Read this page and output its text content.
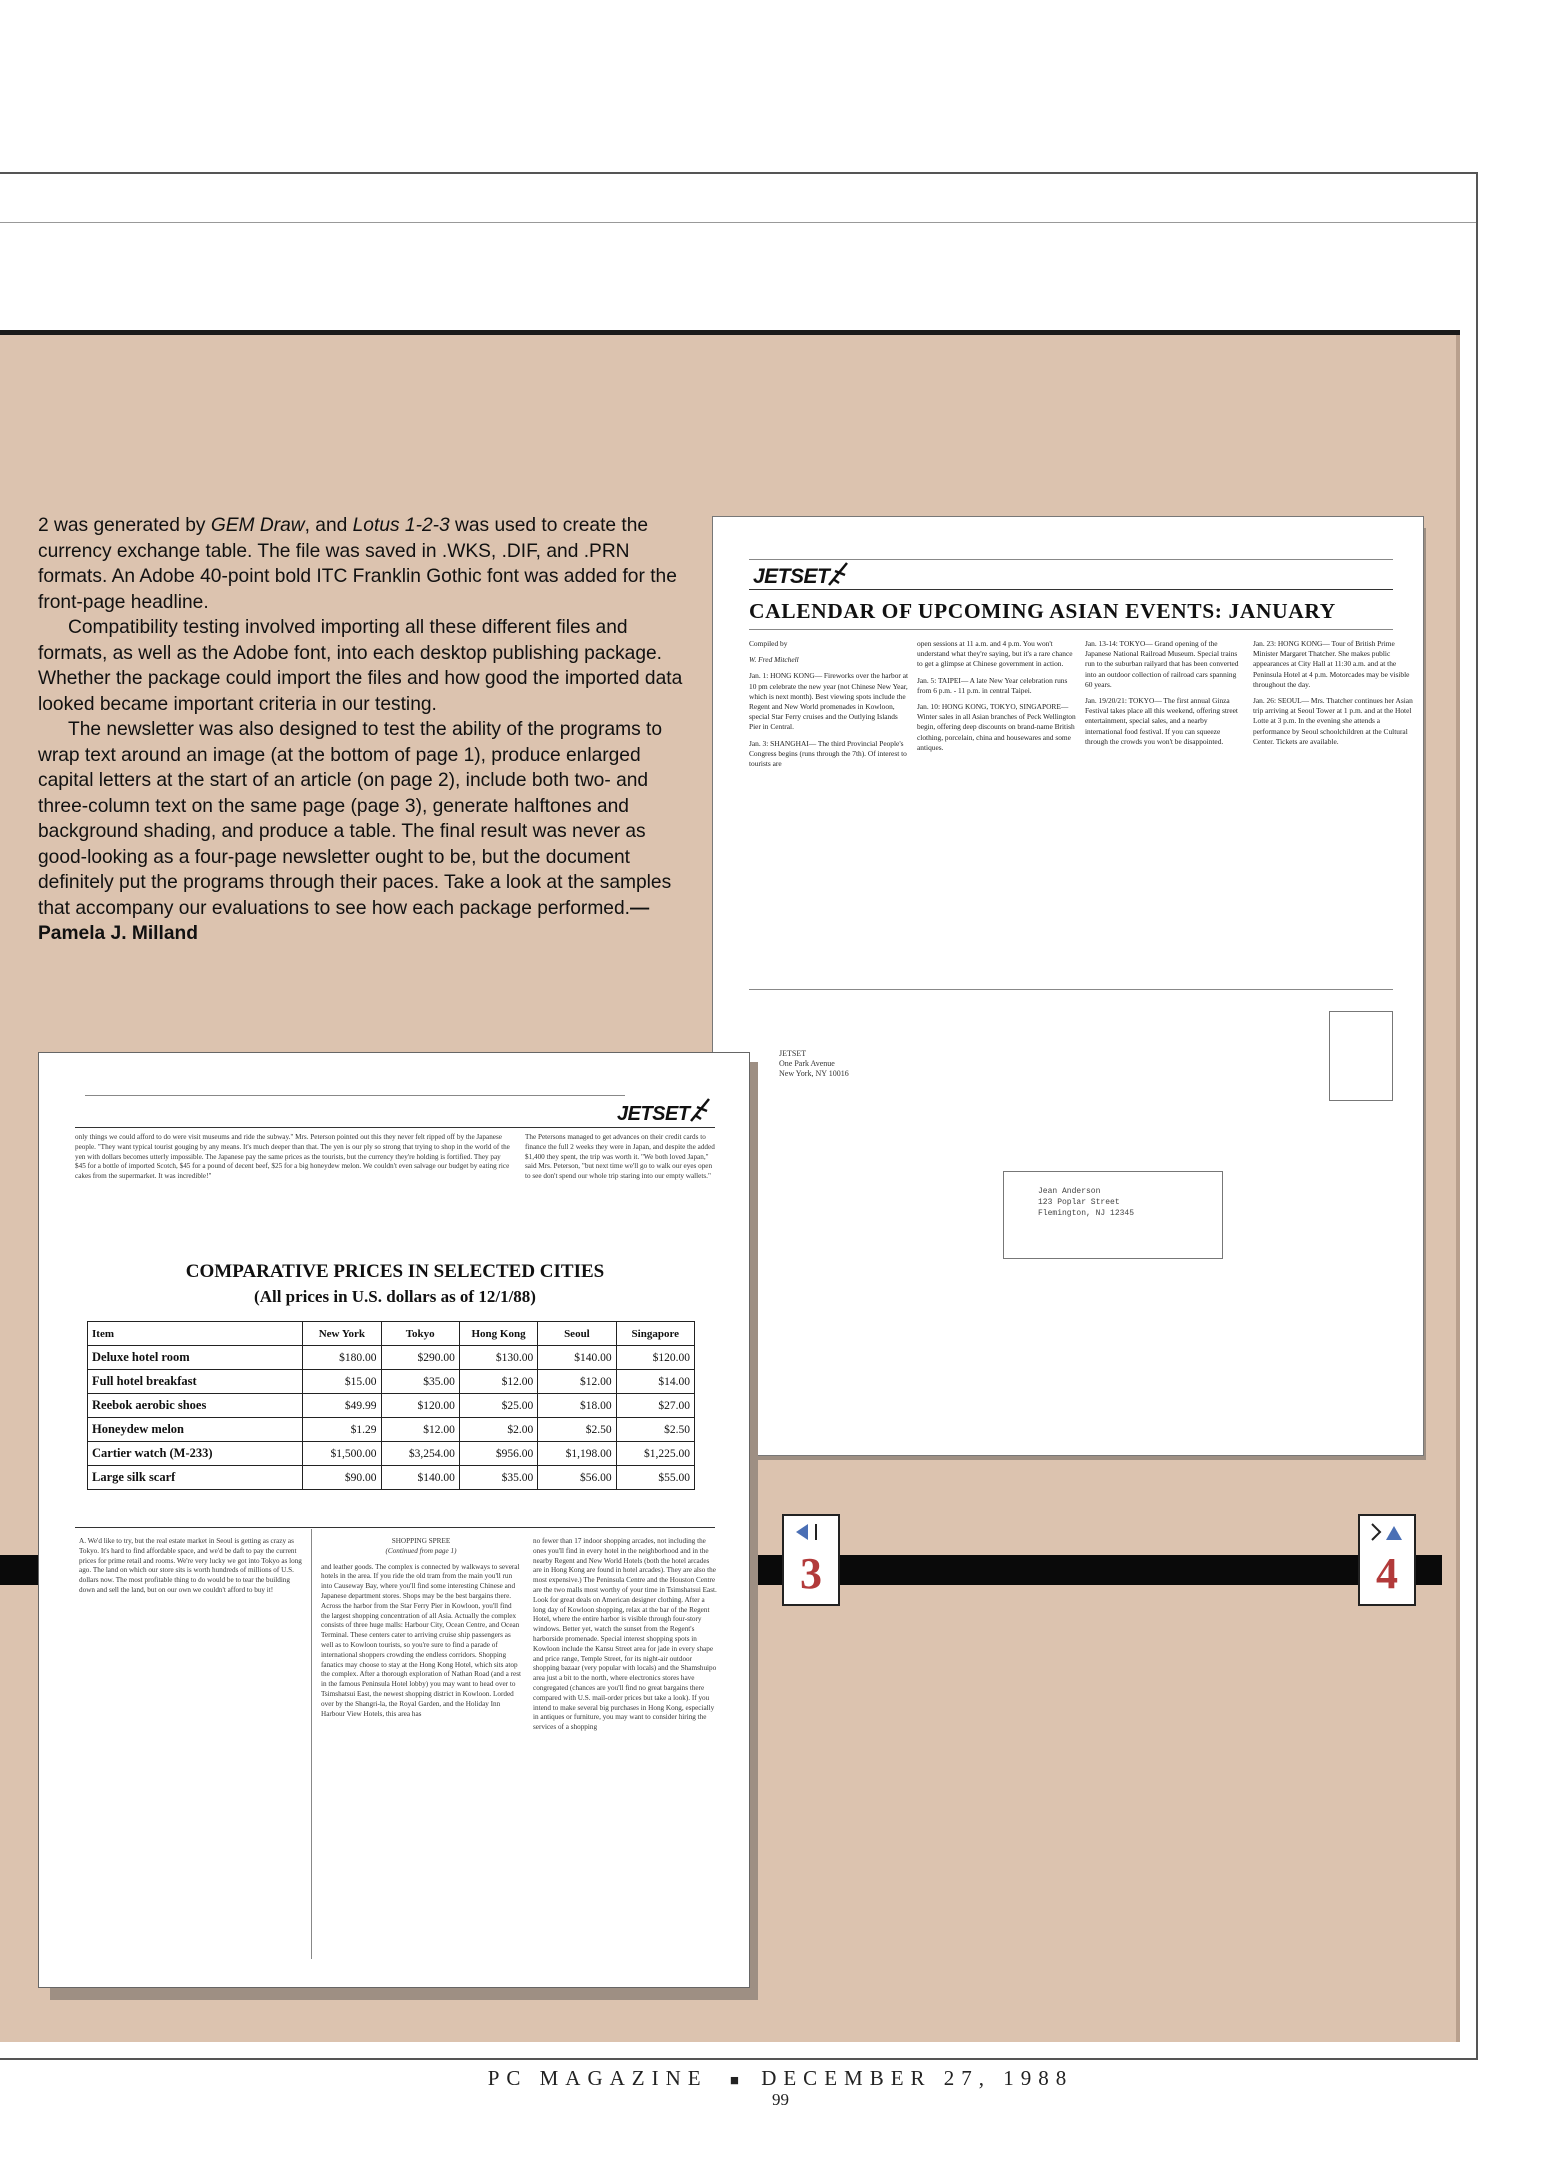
2 was generated by GEM Draw, and Lotus 1-2-3 was used to create the currency exchange table. The file was saved in .WKS, .DIF, and .PRN formats. An Adobe 40-point bold ITC Franklin Gothic font was added for the front-page headline.

Compatibility testing involved importing all these different files and formats, as well as the Adobe font, into each desktop publishing package. Whether the package could import the files and how good the imported data looked became important criteria in our testing.

The newsletter was also designed to test the ability of the programs to wrap text around an image (at the bottom of page 1), produce enlarged capital letters at the start of an article (on page 2), include both two- and three-column text on the same page (page 3), generate halftones and background shading, and produce a table. The final result was never as good-looking as a four-page newsletter ought to be, but the document definitely put the programs through their paces. Take a look at the samples that accompany our evaluations to see how each package performed.—Pamela J. Milland

JETSET
CALENDAR OF UPCOMING ASIAN EVENTS: JANUARY

Compiled by

W. Fred Mitchell

Jan. 1: HONG KONG— Fireworks over the harbor at 10 pm celebrate the new year (not Chinese New Year, which is next month). Best viewing spots include the Regent and New World promenades in Kowloon, special Star Ferry cruises and the Outlying Islands Pier in Central.

Jan. 3: SHANGHAI— The third Provincial People's Congress begins (runs through the 7th). Of interest to tourists are

open sessions at 11 a.m. and 4 p.m. You won't understand what they're saying, but it's a rare chance to get a glimpse at Chinese government in action.

Jan. 5: TAIPEI— A late New Year celebration runs from 6 p.m. - 11 p.m. in central Taipei.

Jan. 10: HONG KONG, TOKYO, SINGAPORE— Winter sales in all Asian branches of Peck Wellington begin, offering deep discounts on brand-name British clothing, porcelain, china and housewares and some antiques.

Jan. 13-14: TOKYO— Grand opening of the Japanese National Railroad Museum. Special trains run to the suburban railyard that has been converted into an outdoor collection of railroad cars spanning 60 years.

Jan. 19/20/21: TOKYO— The first annual Ginza Festival takes place all this weekend, offering street entertainment, special sales, and a nearby international food festival. If you can squeeze through the crowds you won't be disappointed.

Jan. 23: HONG KONG— Tour of British Prime Minister Margaret Thatcher. She makes public appearances at City Hall at 11:30 a.m. and at the Peninsula Hotel at 4 p.m. Motorcades may be visible throughout the day.

Jan. 26: SEOUL— Mrs. Thatcher continues her Asian trip arriving at Seoul Tower at 1 p.m. and at the Hotel Lotte at 3 p.m. In the evening she attends a performance by Seoul schoolchildren at the Cultural Center. Tickets are available.

JETSET
One Park Avenue
New York, NY 10016
Jean Anderson
123 Poplar Street
Flemington, NJ 12345
3	4
JETSET
only things we could afford to do were visit museums and ride the subway." Mrs. Peterson pointed out this they never felt ripped off by the Japanese people. "They want typical tourist gouging by any means. It's much deeper than that. The yen is our ply so strong that trying to shop in the world of the yen with dollars becomes utterly impossible. The Japanese pay the same prices as the tourists, but the currency they're holding is fortified. They pay $45 for a bottle of imported Scotch, $45 for a pound of decent beef, $25 for a big honeydew melon. We couldn't even salvage our budget by eating rice cakes from the supermarket. It was incredible!"
The Petersons managed to get advances on their credit cards to finance the full 2 weeks they were in Japan, and despite the added $1,400 they spent, the trip was worth it. "We both loved Japan," said Mrs. Peterson, "but next time we'll go to walk our eyes open to see don't spend our whole trip staring into our empty wallets."
COMPARATIVE PRICES IN SELECTED CITIES
(All prices in U.S. dollars as of 12/1/88)
Item	New York	Tokyo	Hong Kong	Seoul	Singapore
Deluxe hotel room	$180.00	$290.00	$130.00	$140.00	$120.00
Full hotel breakfast	$15.00	$35.00	$12.00	$12.00	$14.00
Reebok aerobic shoes	$49.99	$120.00	$25.00	$18.00	$27.00
Honeydew melon	$1.29	$12.00	$2.00	$2.50	$2.50
Cartier watch (M-233)	$1,500.00	$3,254.00	$956.00	$1,198.00	$1,225.00
Large silk scarf	$90.00	$140.00	$35.00	$56.00	$55.00
A. We'd like to try, but the real estate market in Seoul is getting as crazy as Tokyo. It's hard to find affordable space, and we'd be daft to pay the current prices for prime retail and rooms. We're very lucky we got into Tokyo as long ago. The land on which our store sits is worth hundreds of millions of U.S. dollars now. The most profitable thing to do would be to tear the building down and sell the land, but on our own we couldn't afford to buy it!
SHOPPING SPREE
(Continued from page 1)
and leather goods. The complex is connected by walkways to several hotels in the area. If you ride the old tram from the main you'll run into Causeway Bay, where you'll find some interesting Chinese and Japanese department stores. Shops may be the best bargains there. Across the harbor from the Star Ferry Pier in Kowloon, you'll find the largest shopping concentration of all Asia. Actually the complex consists of three huge malls: Harbour City, Ocean Centre, and Ocean Terminal. These centers cater to arriving cruise ship passengers as well as to Kowloon tourists, so you're sure to find a parade of international shoppers crowding the endless corridors. Shopping fanatics may choose to stay at the Hong Kong Hotel, which sits atop the complex. After a thorough exploration of Nathan Road (and a rest in the famous Peninsula Hotel lobby) you may want to head over to Tsimshatsui East, the newest shopping district in Kowloon. Lorded over by the Shangri-la, the Royal Garden, and the Holiday Inn Harbour View Hotels, this area has
no fewer than 17 indoor shopping arcades, not including the ones you'll find in every hotel in the neighborhood and in the nearby Regent and New World Hotels (both the hotel arcades are in Hong Kong are found in hotel arcades). They are also the most expensive.) The Peninsula Centre and the Houston Centre are the two malls most worthy of your time in Tsimshatsui East. Look for great deals on American designer clothing. After a long day of Kowloon shopping, relax at the bar of the Regent Hotel, where the entire harbor is visible through four-story windows. Better yet, watch the sunset from the Regent's harborside promenade. Special interest shopping spots in Kowloon include the Kansu Street area for jade in every shape and price range, Temple Street, for its night-air outdoor shopping bazaar (very popular with locals) and the Shamshuipo area just a bit to the north, where electronics stores have congregated (chances are you'll find no great bargains there compared with U.S. mail-order prices but take a look). If you intend to make several big purchases in Hong Kong, especially in antiques or furniture, you may want to consider hiring the services of a shopping
PC MAGAZINE ■ DECEMBER 27, 1988
99
